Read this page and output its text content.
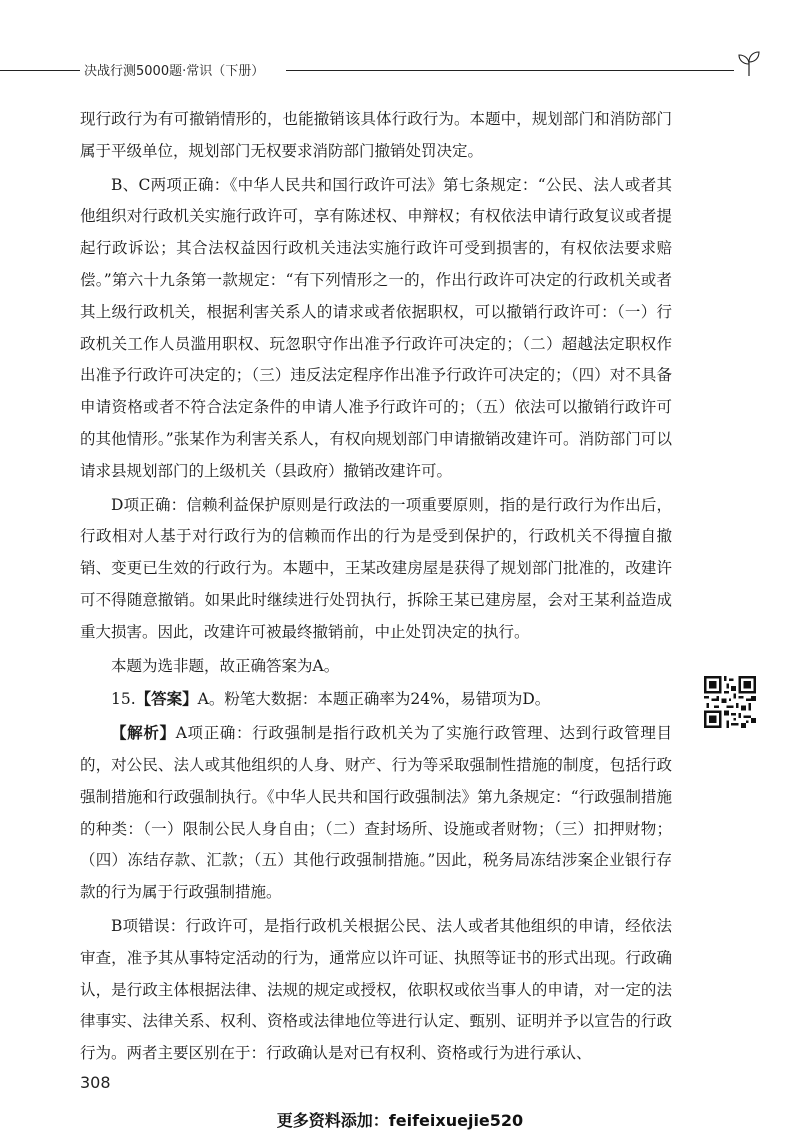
决战行测5000题·常识（下册）

现行政行为有可撤销情形的，也能撤销该具体行政行为。本题中，规划部门和消防部门属于平级单位，规划部门无权要求消防部门撤销处罚决定。

B、C两项正确：《中华人民共和国行政许可法》第七条规定：“公民、法人或者其他组织对行政机关实施行政许可，享有陈述权、申辩权；有权依法申请行政复议或者提起行政诉讼；其合法权益因行政机关违法实施行政许可受到损害的，有权依法要求赔偿。”第六十九条第一款规定：“有下列情形之一的，作出行政许可决定的行政机关或者其上级行政机关，根据利害关系人的请求或者依据职权，可以撤销行政许可：（一）行政机关工作人员滥用职权、玩忽职守作出准予行政许可决定的；（二）超越法定职权作出准予行政许可决定的；（三）违反法定程序作出准予行政许可决定的；（四）对不具备申请资格或者不符合法定条件的申请人准予行政许可的；（五）依法可以撤销行政许可的其他情形。”张某作为利害关系人，有权向规划部门申请撤销改建许可。消防部门可以请求县规划部门的上级机关（县政府）撤销改建许可。

D项正确：信赖利益保护原则是行政法的一项重要原则，指的是行政行为作出后，行政相对人基于对行政行为的信赖而作出的行为是受到保护的，行政机关不得擅自撤销、变更已生效的行政行为。本题中，王某改建房屋是获得了规划部门批准的，改建许可不得随意撤销。如果此时继续进行处罚执行，拆除王某已建房屋，会对王某利益造成重大损害。因此，改建许可被最终撤销前，中止处罚决定的执行。

本题为选非题，故正确答案为A。

15.【答案】A。粉笔大数据：本题正确率为24%，易错项为D。

【解析】A项正确：行政强制是指行政机关为了实施行政管理、达到行政管理目的，对公民、法人或其他组织的人身、财产、行为等采取强制性措施的制度，包括行政强制措施和行政强制执行。《中华人民共和国行政强制法》第九条规定：“行政强制措施的种类：（一）限制公民人身自由；（二）查封场所、设施或者财物；（三）扣押财物；（四）冻结存款、汇款；（五）其他行政强制措施。”因此，税务局冻结涉案企业银行存款的行为属于行政强制措施。

B项错误：行政许可，是指行政机关根据公民、法人或者其他组织的申请，经依法审查，准予其从事特定活动的行为，通常应以许可证、执照等证书的形式出现。行政确认，是行政主体根据法律、法规的规定或授权，依职权或依当事人的申请，对一定的法律事实、法律关系、权利、资格或法律地位等进行认定、甄别、证明并予以宣告的行政行为。两者主要区别在于：行政确认是对已有权利、资格或行为进行承认、

308
更多资料添加：feifeixuejie520
